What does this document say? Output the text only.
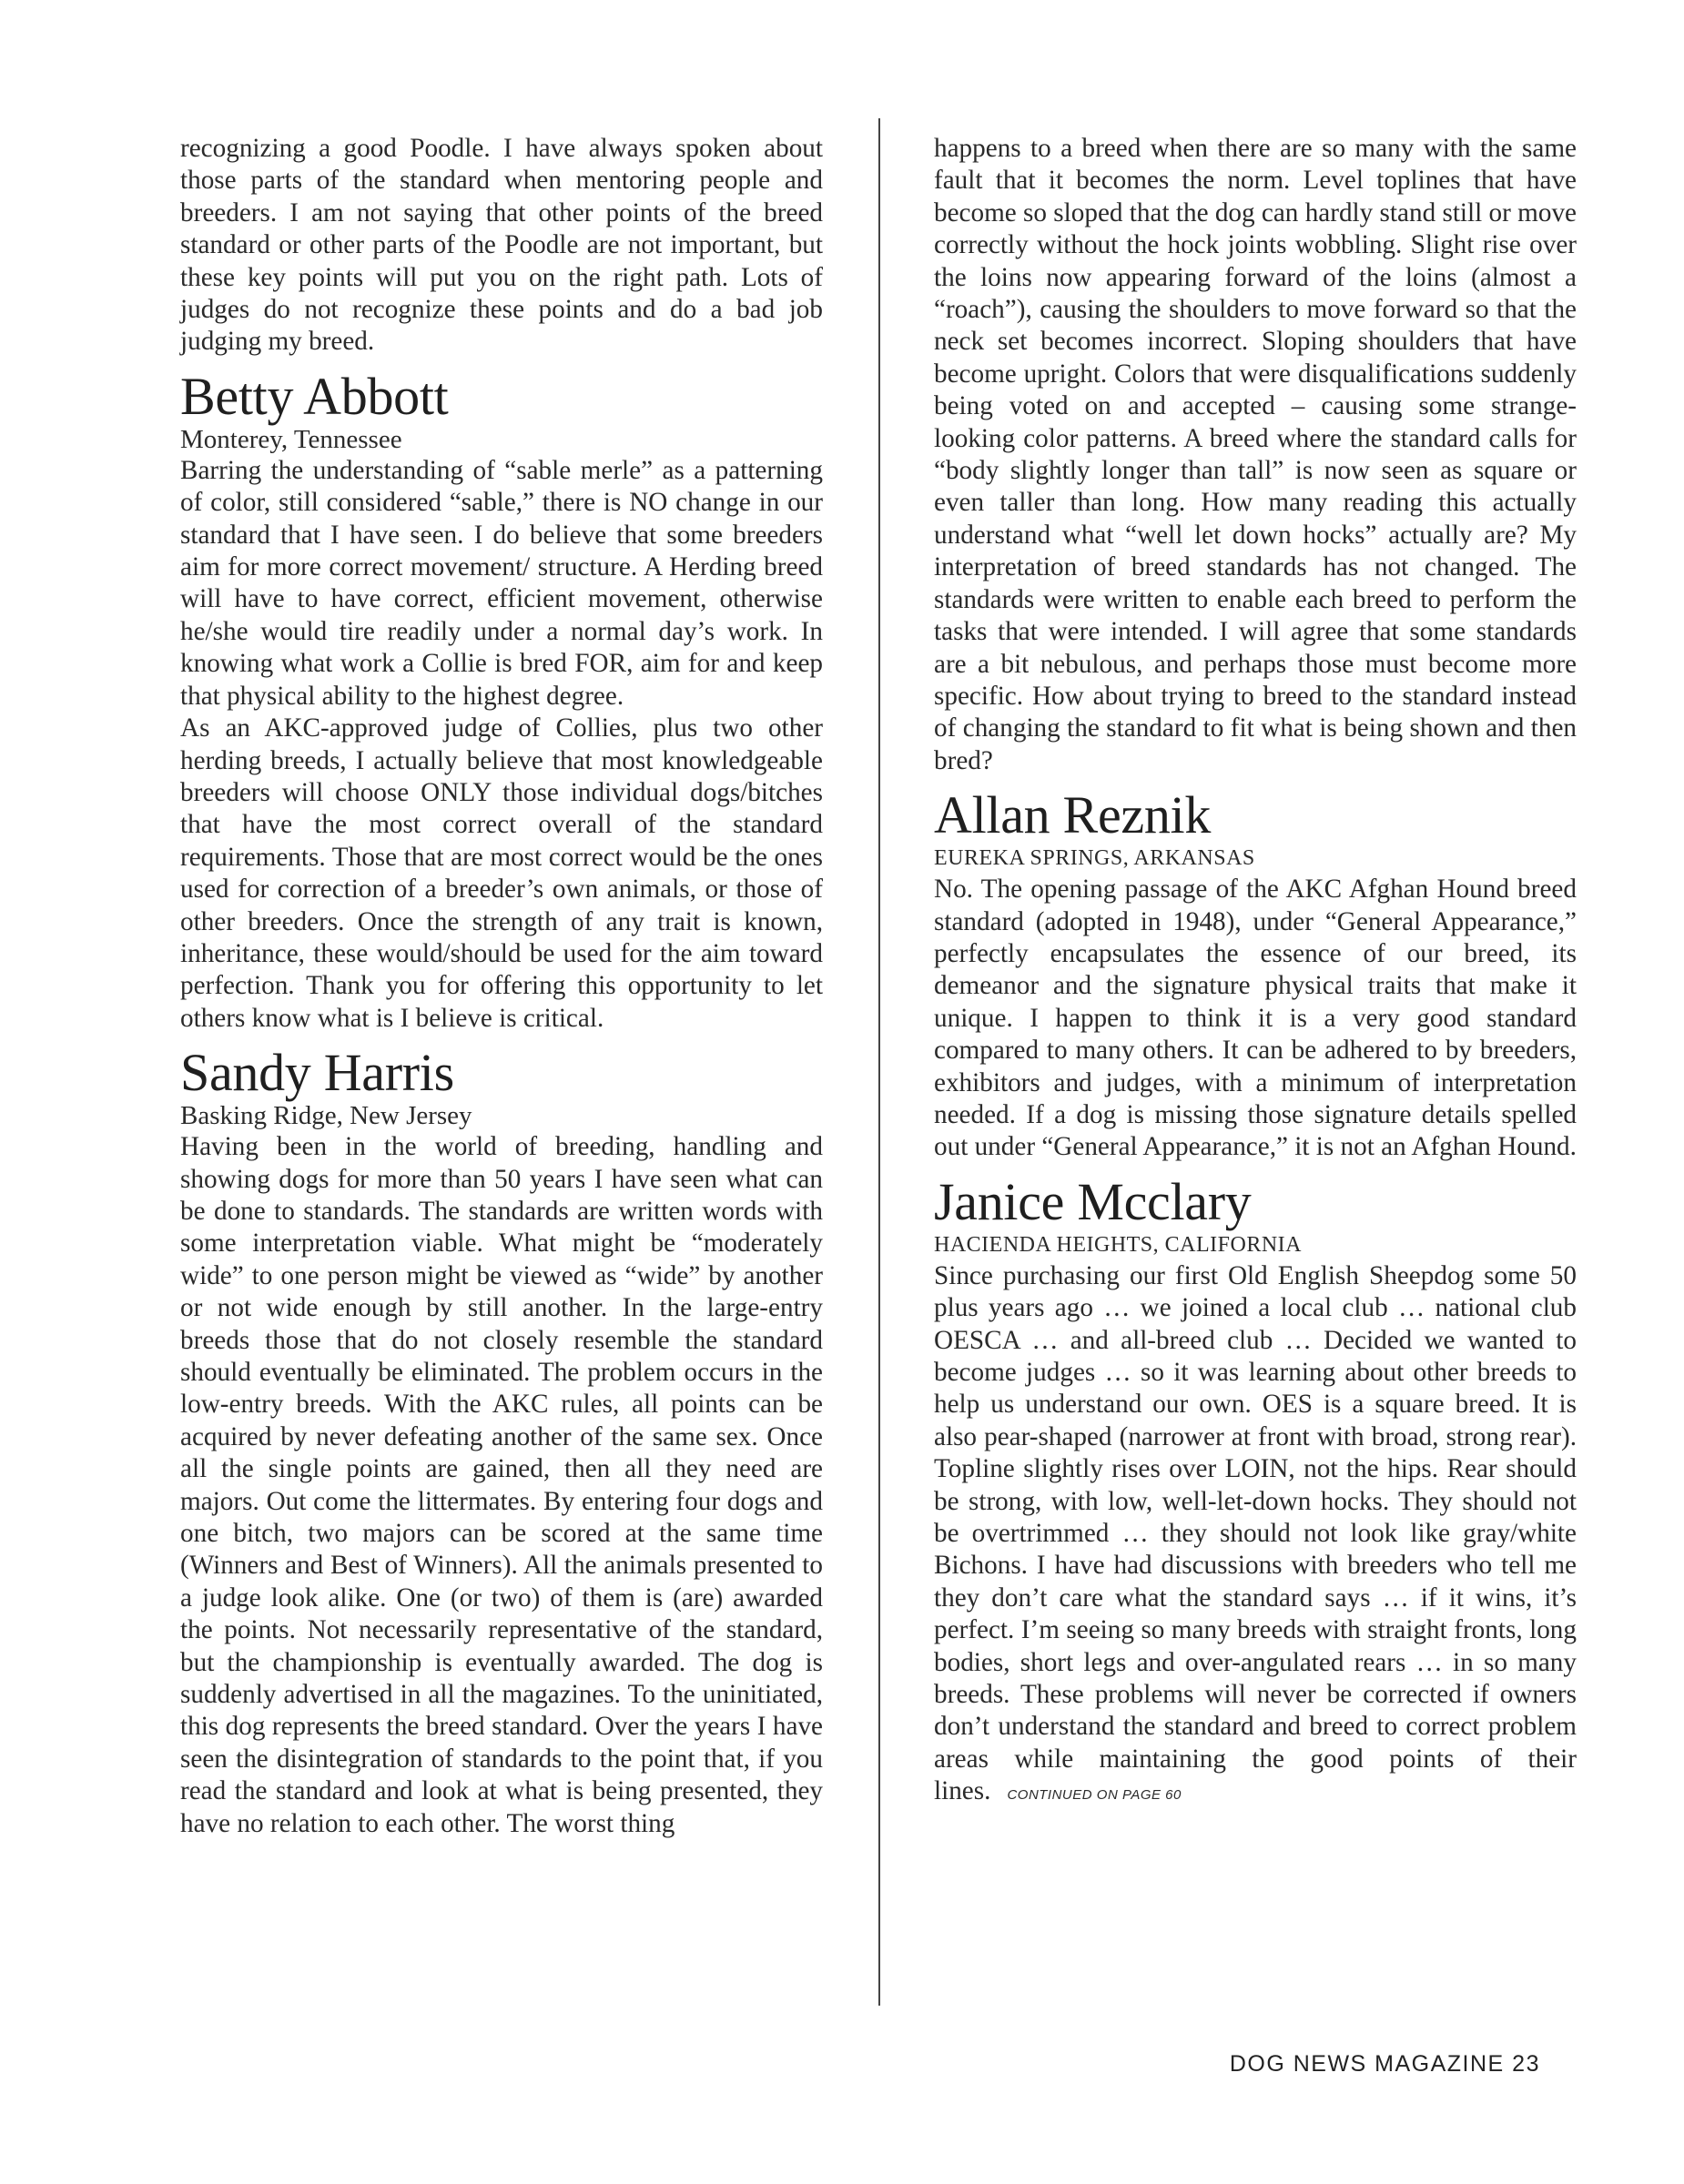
recognizing a good Poodle. I have always spoken about those parts of the standard when mentoring people and breeders. I am not saying that other points of the breed standard or other parts of the Poodle are not important, but these key points will put you on the right path. Lots of judges do not recognize these points and do a bad job judging my breed.

Betty Abbott

Monterey, Tennessee

Barring the understanding of “sable merle” as a patterning of color, still considered “sable,” there is NO change in our standard that I have seen. I do believe that some breeders aim for more correct movement/ structure. A Herding breed will have to have correct, efficient movement, otherwise he/she would tire readily under a normal day’s work. In knowing what work a Collie is bred FOR, aim for and keep that physical ability to the highest degree.

As an AKC-approved judge of Collies, plus two other herding breeds, I actually believe that most knowledgeable breeders will choose ONLY those individual dogs/bitches that have the most correct overall of the standard requirements. Those that are most correct would be the ones used for correction of a breeder’s own animals, or those of other breeders. Once the strength of any trait is known, inheritance, these would/should be used for the aim toward perfection. Thank you for offering this opportunity to let others know what is I believe is critical.

Sandy Harris

Basking Ridge, New Jersey

Having been in the world of breeding, handling and showing dogs for more than 50 years I have seen what can be done to standards. The standards are written words with some interpretation viable. What might be “moderately wide” to one person might be viewed as “wide” by another or not wide enough by still another. In the large-entry breeds those that do not closely resemble the standard should eventually be eliminated. The problem occurs in the low-entry breeds. With the AKC rules, all points can be acquired by never defeating another of the same sex. Once all the single points are gained, then all they need are majors. Out come the littermates. By entering four dogs and one bitch, two majors can be scored at the same time (Winners and Best of Winners). All the animals presented to a judge look alike. One (or two) of them is (are) awarded the points. Not necessarily representative of the standard, but the championship is eventually awarded. The dog is suddenly advertised in all the magazines. To the uninitiated, this dog represents the breed standard. Over the years I have seen the disintegration of standards to the point that, if you read the standard and look at what is being presented, they have no relation to each other. The worst thing

happens to a breed when there are so many with the same fault that it becomes the norm. Level toplines that have become so sloped that the dog can hardly stand still or move correctly without the hock joints wobbling. Slight rise over the loins now appearing forward of the loins (almost a “roach”), causing the shoulders to move forward so that the neck set becomes incorrect. Sloping shoulders that have become upright. Colors that were disqualifications suddenly being voted on and accepted – causing some strange-looking color patterns. A breed where the standard calls for “body slightly longer than tall” is now seen as square or even taller than long. How many reading this actually understand what “well let down hocks” actually are? My interpretation of breed standards has not changed. The standards were written to enable each breed to perform the tasks that were intended. I will agree that some standards are a bit nebulous, and perhaps those must become more specific. How about trying to breed to the standard instead of changing the standard to fit what is being shown and then bred?

Allan Reznik

EUREKA SPRINGS, ARKANSAS

No. The opening passage of the AKC Afghan Hound breed standard (adopted in 1948), under “General Appearance,” perfectly encapsulates the essence of our breed, its demeanor and the signature physical traits that make it unique. I happen to think it is a very good standard compared to many others. It can be adhered to by breeders, exhibitors and judges, with a minimum of interpretation needed. If a dog is missing those signature details spelled out under “General Appearance,” it is not an Afghan Hound.

Janice Mcclary

HACIENDA HEIGHTS, CALIFORNIA

Since purchasing our first Old English Sheepdog some 50 plus years ago … we joined a local club … national club OESCA … and all-breed club … Decided we wanted to become judges … so it was learning about other breeds to help us understand our own. OES is a square breed. It is also pear-shaped (narrower at front with broad, strong rear). Topline slightly rises over LOIN, not the hips. Rear should be strong, with low, well-let-down hocks. They should not be overtrimmed … they should not look like gray/white Bichons. I have had discussions with breeders who tell me they don’t care what the standard says … if it wins, it’s perfect. I’m seeing so many breeds with straight fronts, long bodies, short legs and over-angulated rears … in so many breeds. These problems will never be corrected if owners don’t understand the standard and breed to correct problem areas while maintaining the good points of their lines. CONTINUED ON PAGE 60

DOG NEWS MAGAZINE 23
